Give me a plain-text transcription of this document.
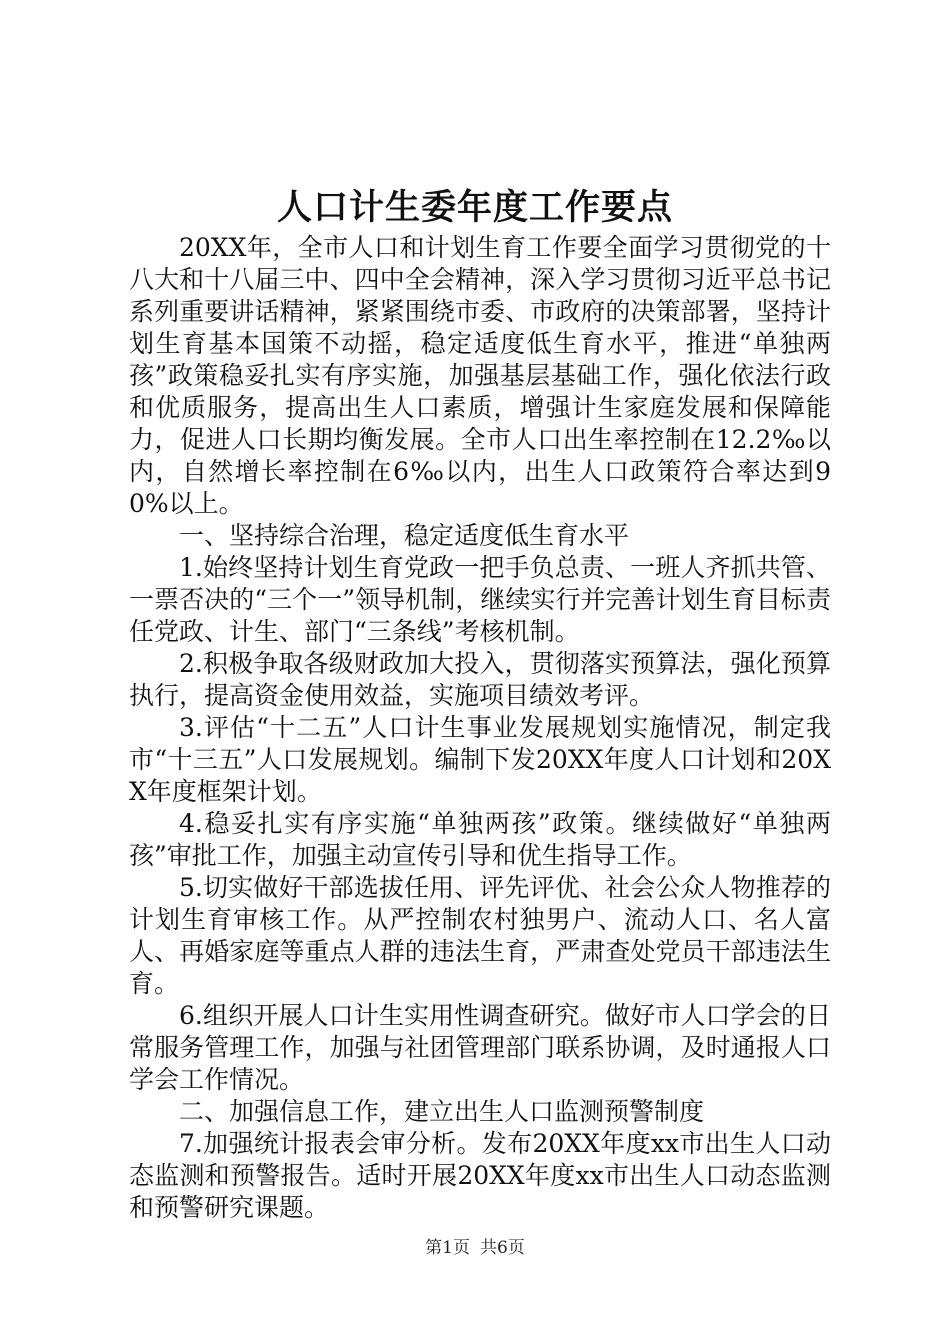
人口计生委年度工作要点

20XX年，全市人口和计划生育工作要全面学习贯彻党的十八大和十八届三中、四中全会精神，深入学习贯彻习近平总书记系列重要讲话精神，紧紧围绕市委、市政府的决策部署，坚持计划生育基本国策不动摇，稳定适度低生育水平，推进“单独两孩”政策稳妥扎实有序实施，加强基层基础工作，强化依法行政和优质服务，提高出生人口素质，增强计生家庭发展和保障能力，促进人口长期均衡发展。全市人口出生率控制在12.2‰以内，自然增长率控制在6‰以内，出生人口政策符合率达到90%以上。

一、坚持综合治理，稳定适度低生育水平

1.始终坚持计划生育党政一把手负总责、一班人齐抓共管、一票否决的“三个一”领导机制，继续实行并完善计划生育目标责任党政、计生、部门“三条线”考核机制。

2.积极争取各级财政加大投入，贯彻落实预算法，强化预算执行，提高资金使用效益，实施项目绩效考评。

3.评估“十二五”人口计生事业发展规划实施情况，制定我市“十三五”人口发展规划。编制下发20XX年度人口计划和20XX年度框架计划。

4.稳妥扎实有序实施“单独两孩”政策。继续做好“单独两孩”审批工作，加强主动宣传引导和优生指导工作。

5.切实做好干部选拔任用、评先评优、社会公众人物推荐的计划生育审核工作。从严控制农村独男户、流动人口、名人富人、再婚家庭等重点人群的违法生育，严肃查处党员干部违法生育。

6.组织开展人口计生实用性调查研究。做好市人口学会的日常服务管理工作，加强与社团管理部门联系协调，及时通报人口学会工作情况。

二、加强信息工作，建立出生人口监测预警制度

7.加强统计报表会审分析。发布20XX年度xx市出生人口动态监测和预警报告。适时开展20XX年度xx市出生人口动态监测和预警研究课题。

第1页 共6页
